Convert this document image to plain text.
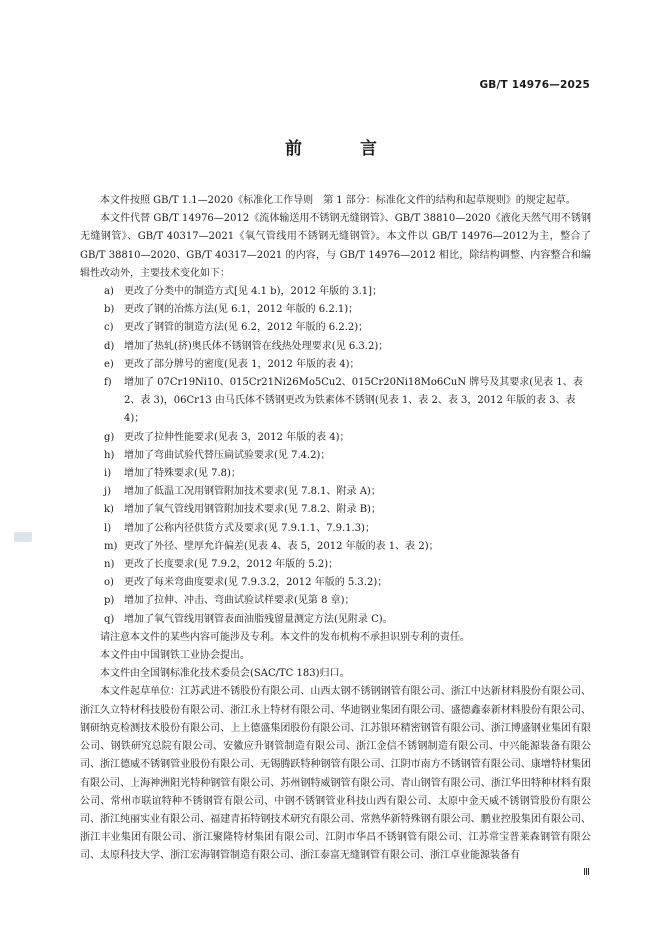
GB/T 14976—2025
前 言

本文件按照 GB/T 1.1—2020《标准化工作导则　第 1 部分：标准化文件的结构和起草规则》的规定起草。

本文件代替 GB/T 14976—2012《流体输送用不锈钢无缝钢管》、GB/T 38810—2020《液化天然气用不锈钢无缝钢管》、GB/T 40317—2021《氧气管线用不锈钢无缝钢管》。本文件以 GB/T 14976—2012为主，整合了 GB/T 38810—2020、GB/T 40317—2021 的内容，与 GB/T 14976—2012 相比，除结构调整、内容整合和编辑性改动外，主要技术变化如下：

a) 更改了分类中的制造方式[见 4.1 b)，2012 年版的 3.1]；
b) 更改了钢的冶炼方法(见 6.1，2012 年版的 6.2.1)；
c) 更改了钢管的制造方法(见 6.2，2012 年版的 6.2.2)；
d) 增加了热轧(挤)奥氏体不锈钢管在线热处理要求(见 6.3.2)；
e) 更改了部分牌号的密度(见表 1，2012 年版的表 4)；
f) 增加了 07Cr19Ni10、015Cr21Ni26Mo5Cu2、015Cr20Ni18Mo6CuN 牌号及其要求(见表 1、表 2、表 3)，06Cr13 由马氏体不锈钢更改为铁素体不锈钢(见表 1、表 2、表 3，2012 年版的表 3、表 4)；
g) 更改了拉伸性能要求(见表 3，2012 年版的表 4)；
h) 增加了弯曲试验代替压扁试验要求(见 7.4.2)；
i) 增加了特殊要求(见 7.8)；
j) 增加了低温工况用钢管附加技术要求(见 7.8.1、附录 A)；
k) 增加了氧气管线用钢管附加技术要求(见 7.8.2、附录 B)；
l) 增加了公称内径供货方式及要求(见 7.9.1.1、7.9.1.3)；
m) 更改了外径、壁厚允许偏差(见表 4、表 5，2012 年版的表 1、表 2)；
n) 更改了长度要求(见 7.9.2，2012 年版的 5.2)；
o) 更改了每米弯曲度要求(见 7.9.3.2，2012 年版的 5.3.2)；
p) 增加了拉伸、冲击、弯曲试验试样要求(见第 8 章)；
q) 增加了氧气管线用钢管表面油脂残留量测定方法(见附录 C)。

请注意本文件的某些内容可能涉及专利。本文件的发布机构不承担识别专利的责任。

本文件由中国钢铁工业协会提出。

本文件由全国钢标准化技术委员会(SAC/TC 183)归口。

本文件起草单位：江苏武进不锈股份有限公司、山西太钢不锈钢钢管有限公司、浙江中达新材料股份有限公司、浙江久立特材科技股份有限公司、浙江永上特材有限公司、华迪钢业集团有限公司、盛德鑫泰新材料股份有限公司、钢研纳克检测技术股份有限公司、上上德盛集团股份有限公司、江苏银环精密钢管有限公司、浙江博盛钢业集团有限公司、钢铁研究总院有限公司、安徽应升钢管制造有限公司、浙江金信不锈钢制造有限公司、中兴能源装备有限公司、浙江德威不锈钢管业股份有限公司、无锡腾跃特种钢管有限公司、江阴市南方不锈钢管有限公司、康增特材集团有限公司、上海神洲阳光特种钢管有限公司、苏州钢特威钢管有限公司、青山钢管有限公司、浙江华田特种材料有限公司、常州市联谊特种不锈钢管有限公司、中钢不锈钢管业科技山西有限公司、太原中金天威不锈钢管股份有限公司、浙江纯丽实业有限公司、福建青拓特钢技术研究有限公司、常熟华新特殊钢有限公司、鹏业控股集团有限公司、浙江丰业集团有限公司、浙江聚隆特材集团有限公司、江阴市华昌不锈钢管有限公司、江苏常宝普莱森钢管有限公司、太原科技大学、浙江宏海钢管制造有限公司、浙江泰富无缝钢管有限公司、浙江卓业能源装备有

Ⅲ
